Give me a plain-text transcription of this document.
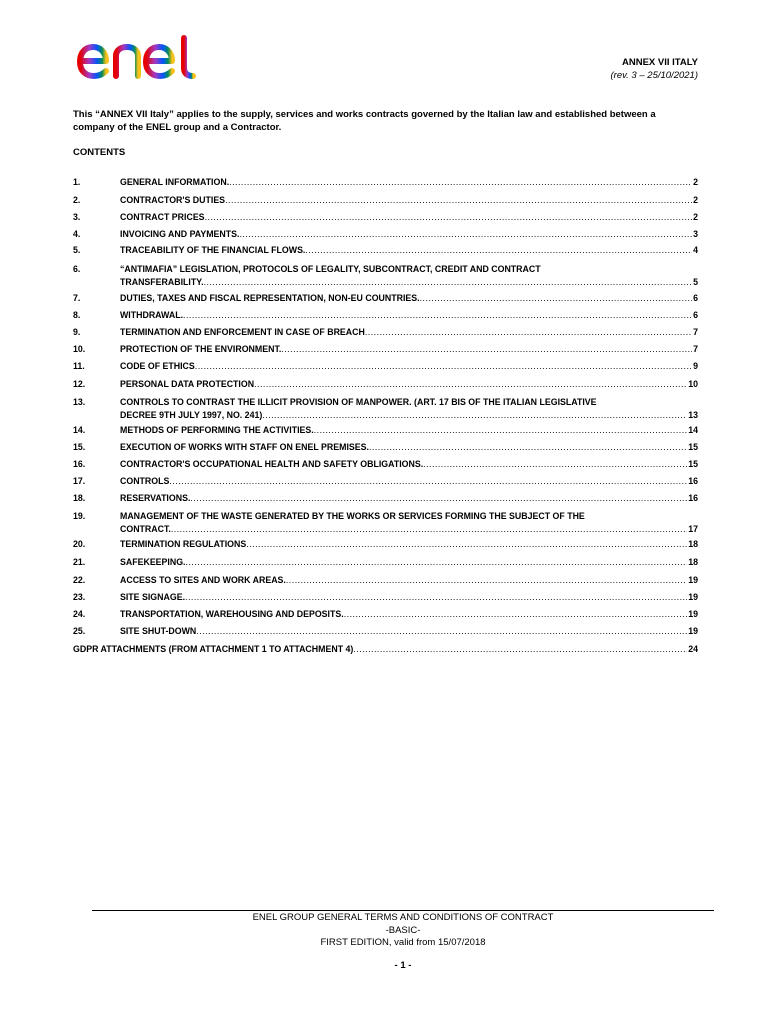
ANNEX VII ITALY
(rev. 3 – 25/10/2021)
This “ANNEX VII Italy” applies to the supply, services and works contracts governed by the Italian law and established between a company of the ENEL group and a Contractor.
CONTENTS
1.	GENERAL INFORMATION. .....	2
2.	CONTRACTOR'S DUTIES .....	2
3.	CONTRACT PRICES .....	2
4.	INVOICING AND PAYMENTS. .....	3
5.	TRACEABILITY OF THE FINANCIAL FLOWS. .....	4
6.	“ANTIMAFIA” LEGISLATION, PROTOCOLS OF LEGALITY, SUBCONTRACT, CREDIT AND CONTRACT
TRANSFERABILITY. .....	5
7.	DUTIES, TAXES AND FISCAL REPRESENTATION, NON-EU COUNTRIES. .....	6
8.	WITHDRAWAL. .....	6
9.	TERMINATION AND ENFORCEMENT IN CASE OF BREACH .....	7
10.	PROTECTION OF THE ENVIRONMENT. .....	7
11.	CODE OF ETHICS .....	9
12.	PERSONAL DATA PROTECTION .....	10
13.	CONTROLS TO CONTRAST THE ILLICIT PROVISION OF MANPOWER. (ART. 17 BIS OF THE ITALIAN LEGISLATIVE
DECREE 9TH JULY 1997, NO. 241) .....	13
14.	METHODS OF PERFORMING THE ACTIVITIES. .....	14
15.	EXECUTION OF WORKS WITH STAFF ON ENEL PREMISES. .....	15
16.	CONTRACTOR'S OCCUPATIONAL HEALTH AND SAFETY OBLIGATIONS. .....	15
17.	CONTROLS .....	16
18.	RESERVATIONS. .....	16
19.	MANAGEMENT OF THE WASTE GENERATED BY THE WORKS OR SERVICES FORMING THE SUBJECT OF THE
CONTRACT. .....	17
20.	TERMINATION REGULATIONS .....	18
21.	SAFEKEEPING. .....	18
22.	ACCESS TO SITES AND WORK AREAS. .....	19
23.	SITE SIGNAGE. .....	19
24.	TRANSPORTATION, WAREHOUSING AND DEPOSITS. .....	19
25.	SITE SHUT-DOWN .....	19
GDPR ATTACHMENTS (FROM ATTACHMENT 1 TO ATTACHMENT 4) .....	24
ENEL GROUP GENERAL TERMS AND CONDITIONS OF CONTRACT
-BASIC-
FIRST EDITION, valid from 15/07/2018
- 1 -
